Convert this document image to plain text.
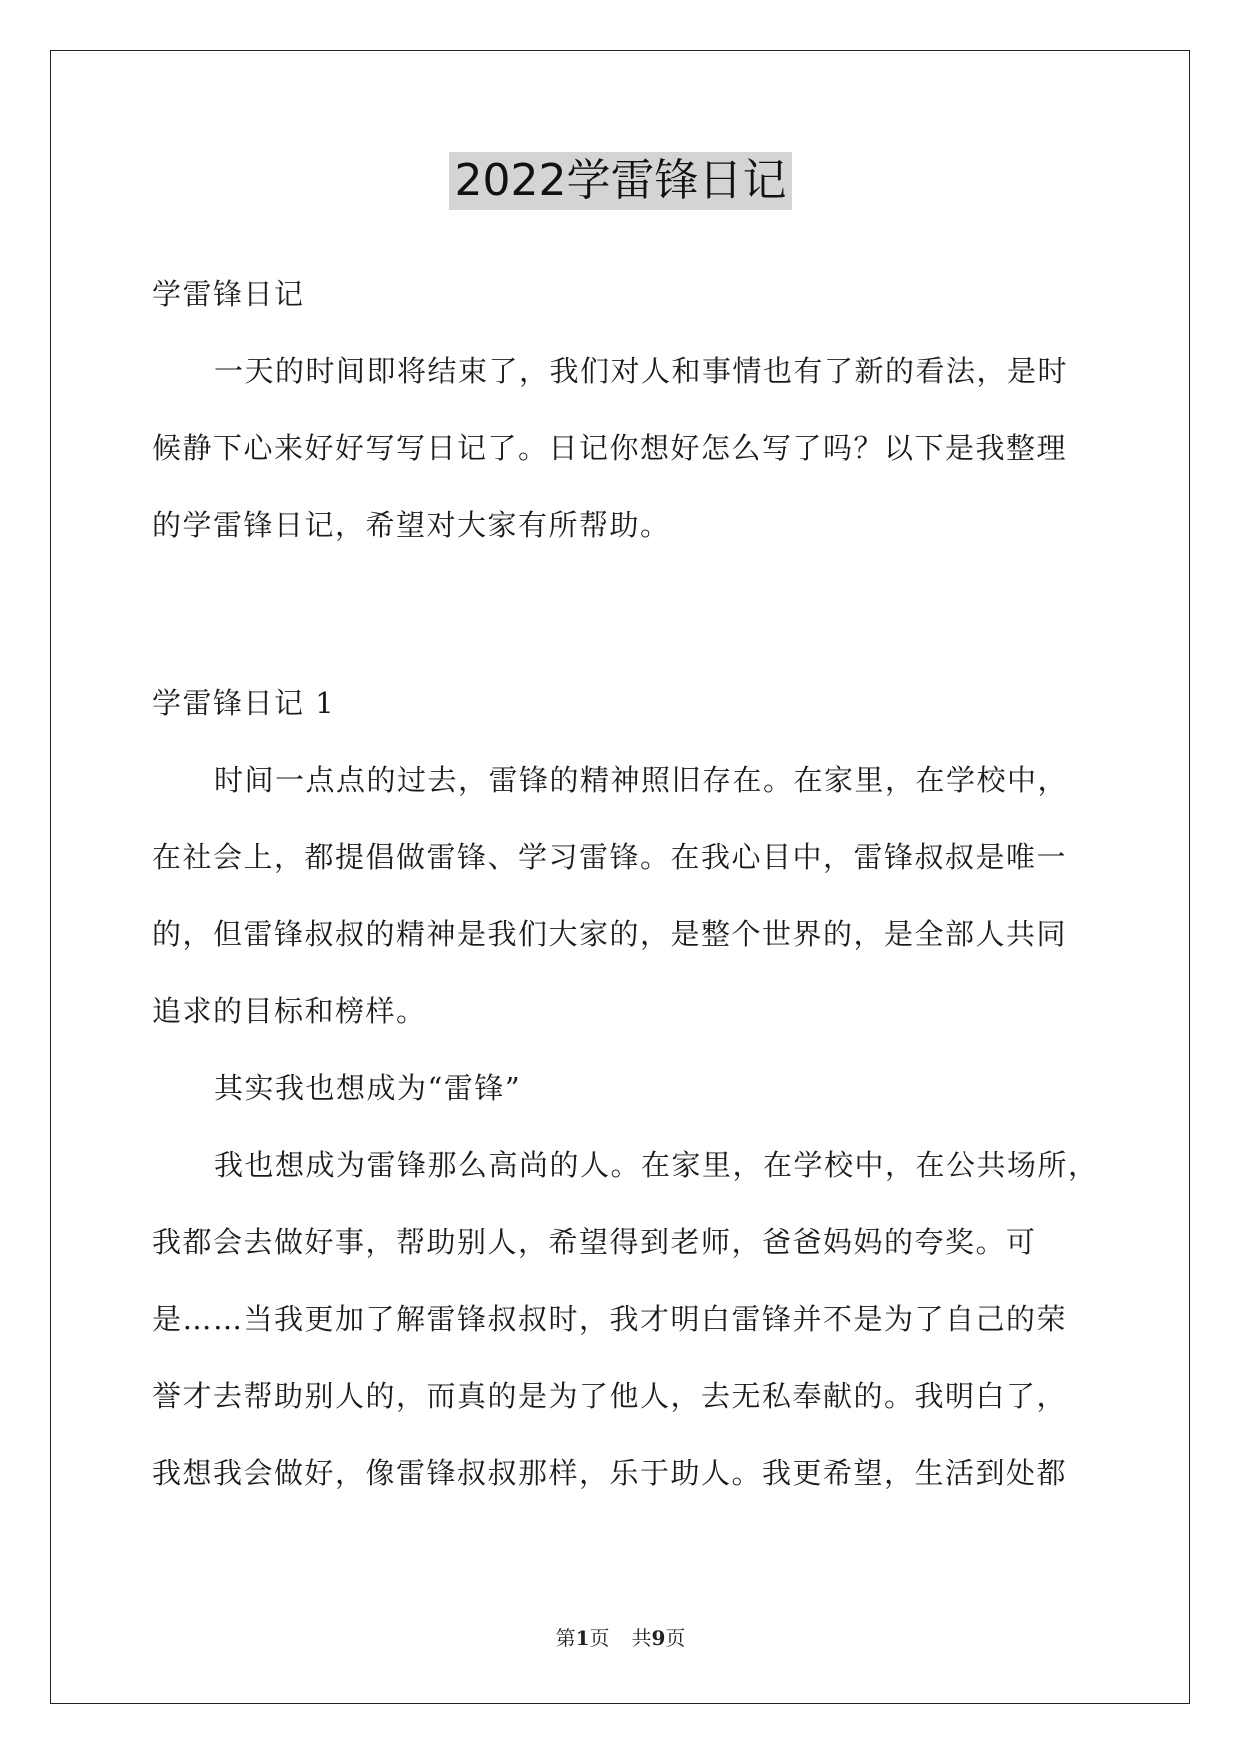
2022学雷锋日记
学雷锋日记
一天的时间即将结束了，我们对人和事情也有了新的看法，是时
候静下心来好好写写日记了。日记你想好怎么写了吗？以下是我整理
的学雷锋日记，希望对大家有所帮助。
学雷锋日记 1
时间一点点的过去，雷锋的精神照旧存在。在家里，在学校中，
在社会上，都提倡做雷锋、学习雷锋。在我心目中，雷锋叔叔是唯一
的，但雷锋叔叔的精神是我们大家的，是整个世界的，是全部人共同
追求的目标和榜样。
其实我也想成为“雷锋”
我也想成为雷锋那么高尚的人。在家里，在学校中，在公共场所，
我都会去做好事，帮助别人，希望得到老师，爸爸妈妈的夸奖。可
是……当我更加了解雷锋叔叔时，我才明白雷锋并不是为了自己的荣
誉才去帮助别人的，而真的是为了他人，去无私奉献的。我明白了，
我想我会做好，像雷锋叔叔那样，乐于助人。我更希望，生活到处都
第1页 共9页
